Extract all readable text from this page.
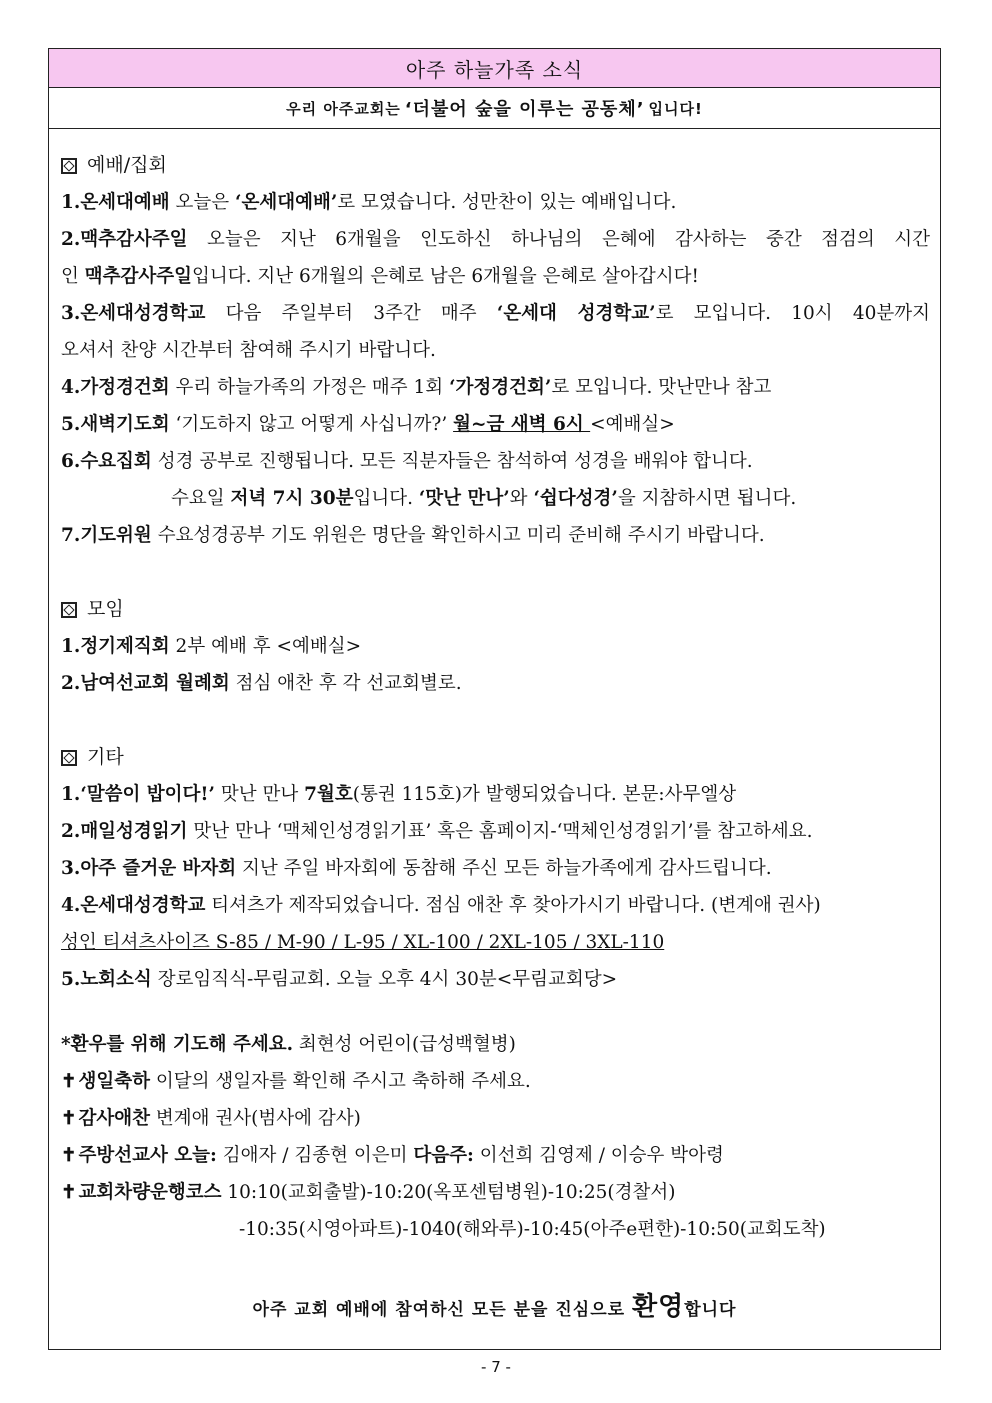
아주 하늘가족 소식
우리 아주교회는 ‘더불어 숲을 이루는 공동체’ 입니다!
예배/집회
1.온세대예배 오늘은 ‘온세대예배’로 모였습니다. 성만찬이 있는 예배입니다.
2.맥추감사주일 오늘은 지난 6개월을 인도하신 하나님의 은혜에 감사하는 중간 점검의 시간
인 맥추감사주일입니다. 지난 6개월의 은혜로 남은 6개월을 은혜로 살아갑시다!
3.온세대성경학교 다음 주일부터 3주간 매주 ‘온세대 성경학교’로 모입니다. 10시 40분까지
오셔서 찬양 시간부터 참여해 주시기 바랍니다.
4.가정경건회 우리 하늘가족의 가정은 매주 1회 ‘가정경건회’로 모입니다. 맛난만나 참고
5.새벽기도회 ‘기도하지 않고 어떻게 사십니까?’ 월~금 새벽 6시 <예배실>
6.수요집회 성경 공부로 진행됩니다. 모든 직분자들은 참석하여 성경을 배워야 합니다.
수요일 저녁 7시 30분입니다. ‘맛난 만나’와 ‘쉽다성경’을 지참하시면 됩니다.
7.기도위원 수요성경공부 기도 위원은 명단을 확인하시고 미리 준비해 주시기 바랍니다.
모임
1.정기제직회 2부 예배 후 <예배실>
2.남여선교회 월례회 점심 애찬 후 각 선교회별로.
기타
1.‘말씀이 밥이다!’ 맛난 만나 7월호(통권 115호)가 발행되었습니다. 본문:사무엘상
2.매일성경읽기 맛난 만나 ‘맥체인성경읽기표’ 혹은 홈페이지-‘맥체인성경읽기’를 참고하세요.
3.아주 즐거운 바자회 지난 주일 바자회에 동참해 주신 모든 하늘가족에게 감사드립니다.
4.온세대성경학교 티셔츠가 제작되었습니다. 점심 애찬 후 찾아가시기 바랍니다. (변계애 권사)
성인 티셔츠사이즈 S-85 / M-90 / L-95 / XL-100 / 2XL-105 / 3XL-110
5.노회소식 장로임직식-무림교회. 오늘 오후 4시 30분<무림교회당>
*환우를 위해 기도해 주세요. 최현성 어린이(급성백혈병)
✝ 생일축하 이달의 생일자를 확인해 주시고 축하해 주세요.
✝ 감사애찬 변계애 권사(범사에 감사)
✝ 주방선교사 오늘: 김애자 / 김종현 이은미 다음주: 이선희 김영제 / 이승우 박아령
✝ 교회차량운행코스 10:10(교회출발)-10:20(옥포센텀병원)-10:25(경찰서)
-10:35(시영아파트)-1040(해와루)-10:45(아주e편한)-10:50(교회도착)
아주 교회 예배에 참여하신 모든 분을 진심으로 환영합니다
- 7 -
